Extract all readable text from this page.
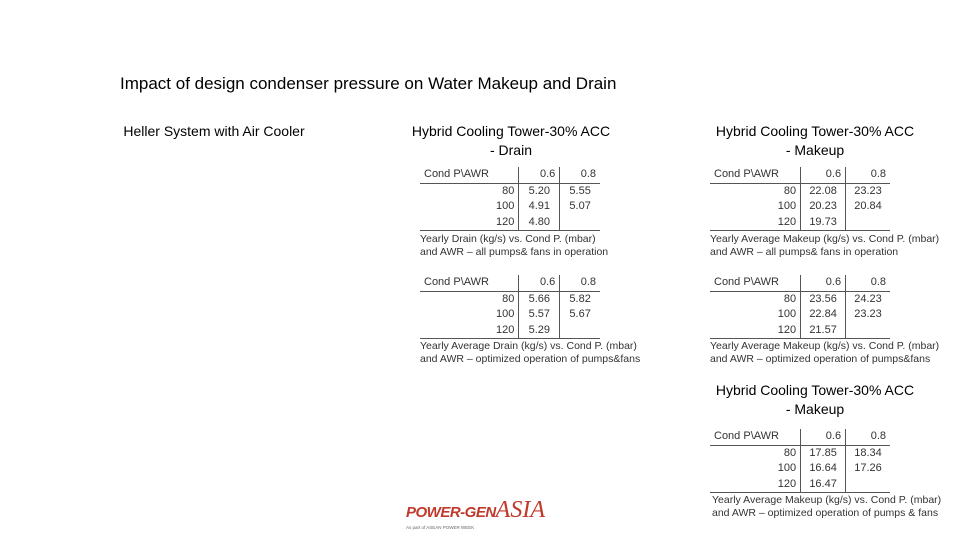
Impact of design condenser pressure on Water Makeup and Drain
Heller System with Air Cooler	Hybrid Cooling Tower-30% ACC
- Drain
Hybrid Cooling Tower-30% ACC
- Makeup
Hybrid Cooling Tower-30% ACC
- Makeup
Cond P\AWR	0.6	0.8
80	5.20	5.55
100	4.91	5.07
120	4.80	
Yearly Drain (kg/s) vs. Cond P. (mbar)
and AWR – all pumps& fans in operation
Cond P\AWR	0.6	0.8
80	5.66	5.82
100	5.57	5.67
120	5.29	
Yearly Average Drain (kg/s) vs. Cond P. (mbar)
and AWR – optimized operation of pumps&fans
Cond P\AWR	0.6	0.8
80	22.08	23.23
100	20.23	20.84
120	19.73	
Yearly Average Makeup (kg/s) vs. Cond P. (mbar)
and AWR – all pumps& fans in operation
Cond P\AWR	0.6	0.8
80	23.56	24.23
100	22.84	23.23
120	21.57	
Yearly Average Makeup (kg/s) vs. Cond P. (mbar)
and AWR – optimized operation of pumps&fans
Cond P\AWR	0.6	0.8
80	17.85	18.34
100	16.64	17.26
120	16.47	
Yearly Average Makeup (kg/s) vs. Cond P. (mbar)
and AWR – optimized operation of pumps & fans
POWER-GENASIA
As part of ASEAN POWER WEEK
